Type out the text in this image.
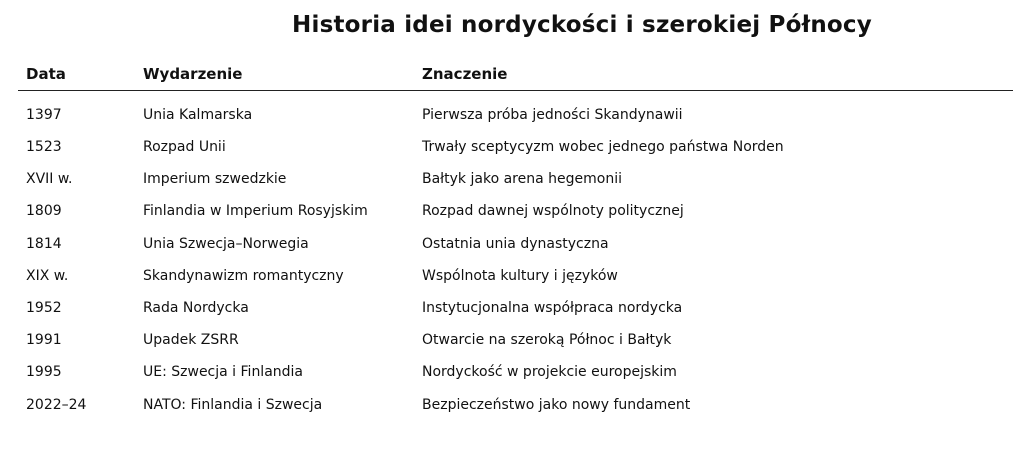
Historia idei nordyckości i szerokiej Północy
Data	Wydarzenie	Znaczenie
1397	Unia Kalmarska	Pierwsza próba jedności Skandynawii
1523	Rozpad Unii	Trwały sceptycyzm wobec jednego państwa Norden
XVII w.	Imperium szwedzkie	Bałtyk jako arena hegemonii
1809	Finlandia w Imperium Rosyjskim	Rozpad dawnej wspólnoty politycznej
1814	Unia Szwecja–Norwegia	Ostatnia unia dynastyczna
XIX w.	Skandynawizm romantyczny	Wspólnota kultury i języków
1952	Rada Nordycka	Instytucjonalna współpraca nordycka
1991	Upadek ZSRR	Otwarcie na szeroką Północ i Bałtyk
1995	UE: Szwecja i Finlandia	Nordyckość w projekcie europejskim
2022–24	NATO: Finlandia i Szwecja	Bezpieczeństwo jako nowy fundament
